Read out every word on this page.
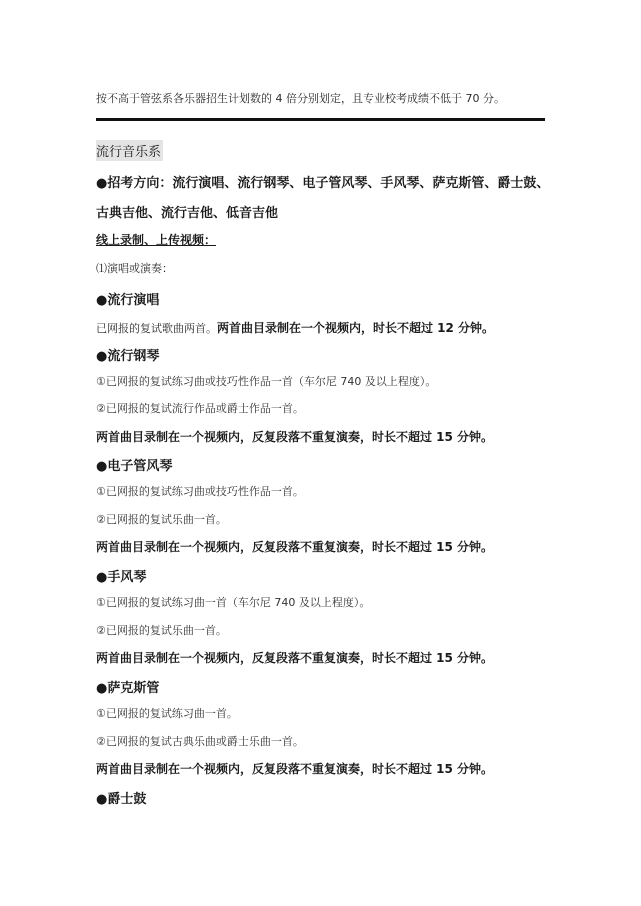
按不高于管弦系各乐器招生计划数的 4 倍分别划定，且专业校考成绩不低于 70 分。
流行音乐系
●招考方向：流行演唱、流行钢琴、电子管风琴、手风琴、萨克斯管、爵士鼓、
古典吉他、流行吉他、低音吉他
线上录制、上传视频：
⑴演唱或演奏：
●流行演唱
已网报的复试歌曲两首。两首曲目录制在一个视频内，时长不超过 12 分钟。
●流行钢琴
①已网报的复试练习曲或技巧性作品一首（车尔尼 740 及以上程度）。
②已网报的复试流行作品或爵士作品一首。
两首曲目录制在一个视频内，反复段落不重复演奏，时长不超过 15 分钟。
●电子管风琴
①已网报的复试练习曲或技巧性作品一首。
②已网报的复试乐曲一首。
两首曲目录制在一个视频内，反复段落不重复演奏，时长不超过 15 分钟。
●手风琴
①已网报的复试练习曲一首（车尔尼 740 及以上程度）。
②已网报的复试乐曲一首。
两首曲目录制在一个视频内，反复段落不重复演奏，时长不超过 15 分钟。
●萨克斯管
①已网报的复试练习曲一首。
②已网报的复试古典乐曲或爵士乐曲一首。
两首曲目录制在一个视频内，反复段落不重复演奏，时长不超过 15 分钟。
●爵士鼓
